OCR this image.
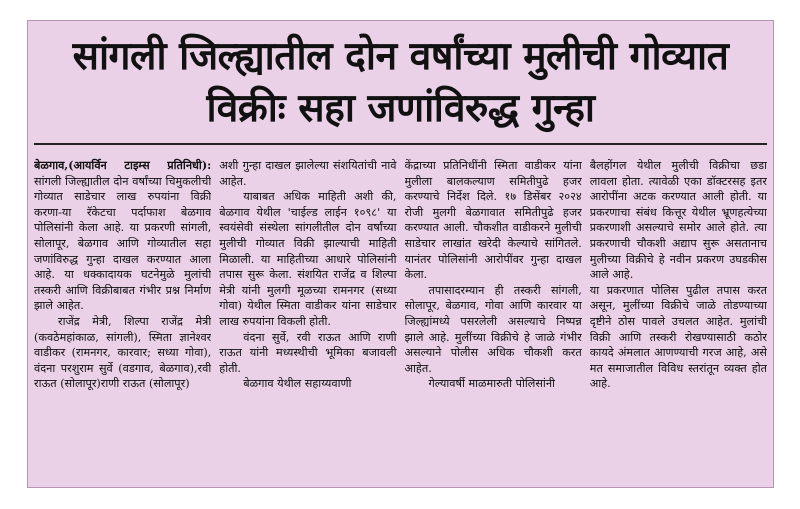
सांगली जिल्ह्यातील दोन वर्षांच्या मुलीची गोव्यात विक्रीः सहा जणांविरुद्ध गुन्हा

बेळगाव,(आयर्विन टाइम्स प्रतिनिधी): सांगली जिल्ह्यातील दोन वर्षांच्या चिमुकलीची गोव्यात साडेचार लाख रुपयांना विक्री करणा-या रॅकेटचा पर्दाफाश बेळगाव पोलिसांनी केला आहे. या प्रकरणी सांगली, सोलापूर, बेळगाव आणि गोव्यातील सहा जणांविरुद्ध गुन्हा दाखल करण्यात आला आहे. या धक्कादायक घटनेमुळे मुलांची तस्करी आणि विक्रीबाबत गंभीर प्रश्न निर्माण झाले आहेत.

राजेंद्र मेत्री, शिल्पा राजेंद्र मेत्री (कवठेमहांकाळ, सांगली), स्मिता ज्ञानेश्वर वाडीकर (रामनगर, कारवार; सध्या गोवा), वंदना परशुराम सुर्वे (वडगाव, बेळगाव),रवी राऊत (सोलापूर)राणी राऊत (सोलापूर)

अशी गुन्हा दाखल झालेल्या संशयितांची नावे आहेत.

याबाबत अधिक माहिती अशी की, बेळगाव येथील 'चाईल्ड लाईन १०९८' या स्वयंसेवी संस्थेला सांगलीतील दोन वर्षांच्या मुलीची गोव्यात विक्री झाल्याची माहिती मिळाली. या माहितीच्या आधारे पोलिसांनी तपास सुरू केला. संशयित राजेंद्र व शिल्पा मेत्री यांनी मुलगी मूळच्या रामनगर (सध्या गोवा) येथील स्मिता वाडीकर यांना साडेचार लाख रुपयांना विकली होती.

वंदना सुर्वे, रवी राऊत आणि राणी राऊत यांनी मध्यस्थीची भूमिका बजावली होती.

बेळगाव येथील सहाय्यवाणी

केंद्राच्या प्रतिनिधींनी स्मिता वाडीकर यांना मुलीला बालकल्याण समितीपुढे हजर करण्याचे निर्देश दिले. १७ डिसेंबर २०२४ रोजी मुलगी बेळगावात समितीपुढे हजर करण्यात आली. चौकशीत वाडीकरने मुलीची साडेचार लाखांत खरेदी केल्याचे सांगितले. यानंतर पोलिसांनी आरोपींवर गुन्हा दाखल केला.

तपासादरम्यान ही तस्करी सांगली, सोलापूर, बेळगाव, गोवा आणि कारवार या जिल्ह्यांमध्ये पसरलेली असल्याचे निष्पन्न झाले आहे. मुलींच्या विक्रीचे हे जाळे गंभीर असल्याने पोलीस अधिक चौकशी करत आहेत.

गेल्यावर्षी माळमारुती पोलिसांनी

बैलहोंगल येथील मुलीची विक्रीचा छडा लावला होता. त्यावेळी एका डॉक्टरसह इतर आरोपींना अटक करण्यात आली होती. या प्रकरणाचा संबंध कित्तूर येथील भ्रूणहत्येच्या प्रकरणाशी असल्याचे समोर आले होते. त्या प्रकरणाची चौकशी अद्याप सुरू असतानाच मुलीच्या विक्रीचे हे नवीन प्रकरण उघडकीस आले आहे.

या प्रकरणात पोलिस पुढील तपास करत असून, मुलींच्या विक्रीचे जाळे तोडण्याच्या दृष्टीने ठोस पावले उचलत आहेत. मुलांची विक्री आणि तस्करी रोखण्यासाठी कठोर कायदे अंमलात आणण्याची गरज आहे, असे मत समाजातील विविध स्तरांतून व्यक्त होत आहे.
